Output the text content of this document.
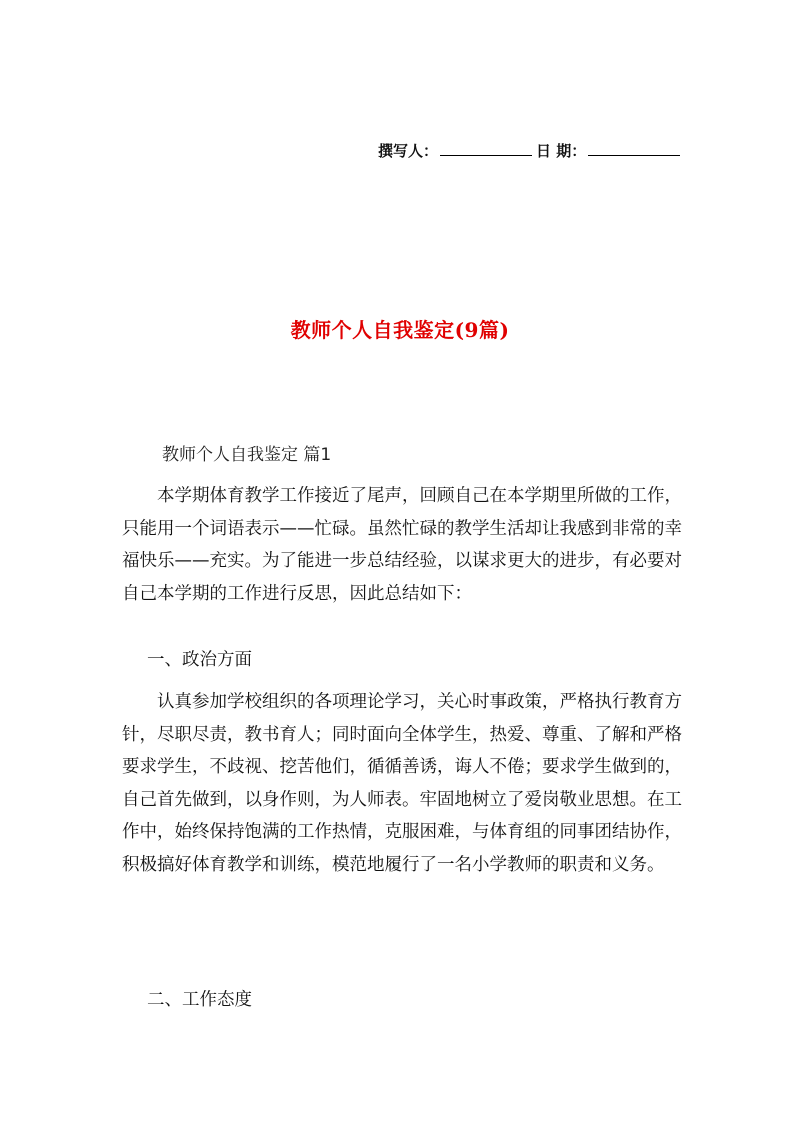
撰写人：	日 期：
教师个人自我鉴定(9篇)
教师个人自我鉴定 篇1

本学期体育教学工作接近了尾声，回顾自己在本学期里所做的工作，只能用一个词语表示——忙碌。虽然忙碌的教学生活却让我感到非常的幸福快乐——充实。为了能进一步总结经验，以谋求更大的进步，有必要对自己本学期的工作进行反思，因此总结如下：

一、政治方面

认真参加学校组织的各项理论学习，关心时事政策，严格执行教育方针，尽职尽责，教书育人；同时面向全体学生，热爱、尊重、了解和严格要求学生，不歧视、挖苦他们，循循善诱，诲人不倦；要求学生做到的，自己首先做到，以身作则，为人师表。牢固地树立了爱岗敬业思想。在工作中，始终保持饱满的工作热情，克服困难，与体育组的同事团结协作，积极搞好体育教学和训练，模范地履行了一名小学教师的职责和义务。

二、工作态度
